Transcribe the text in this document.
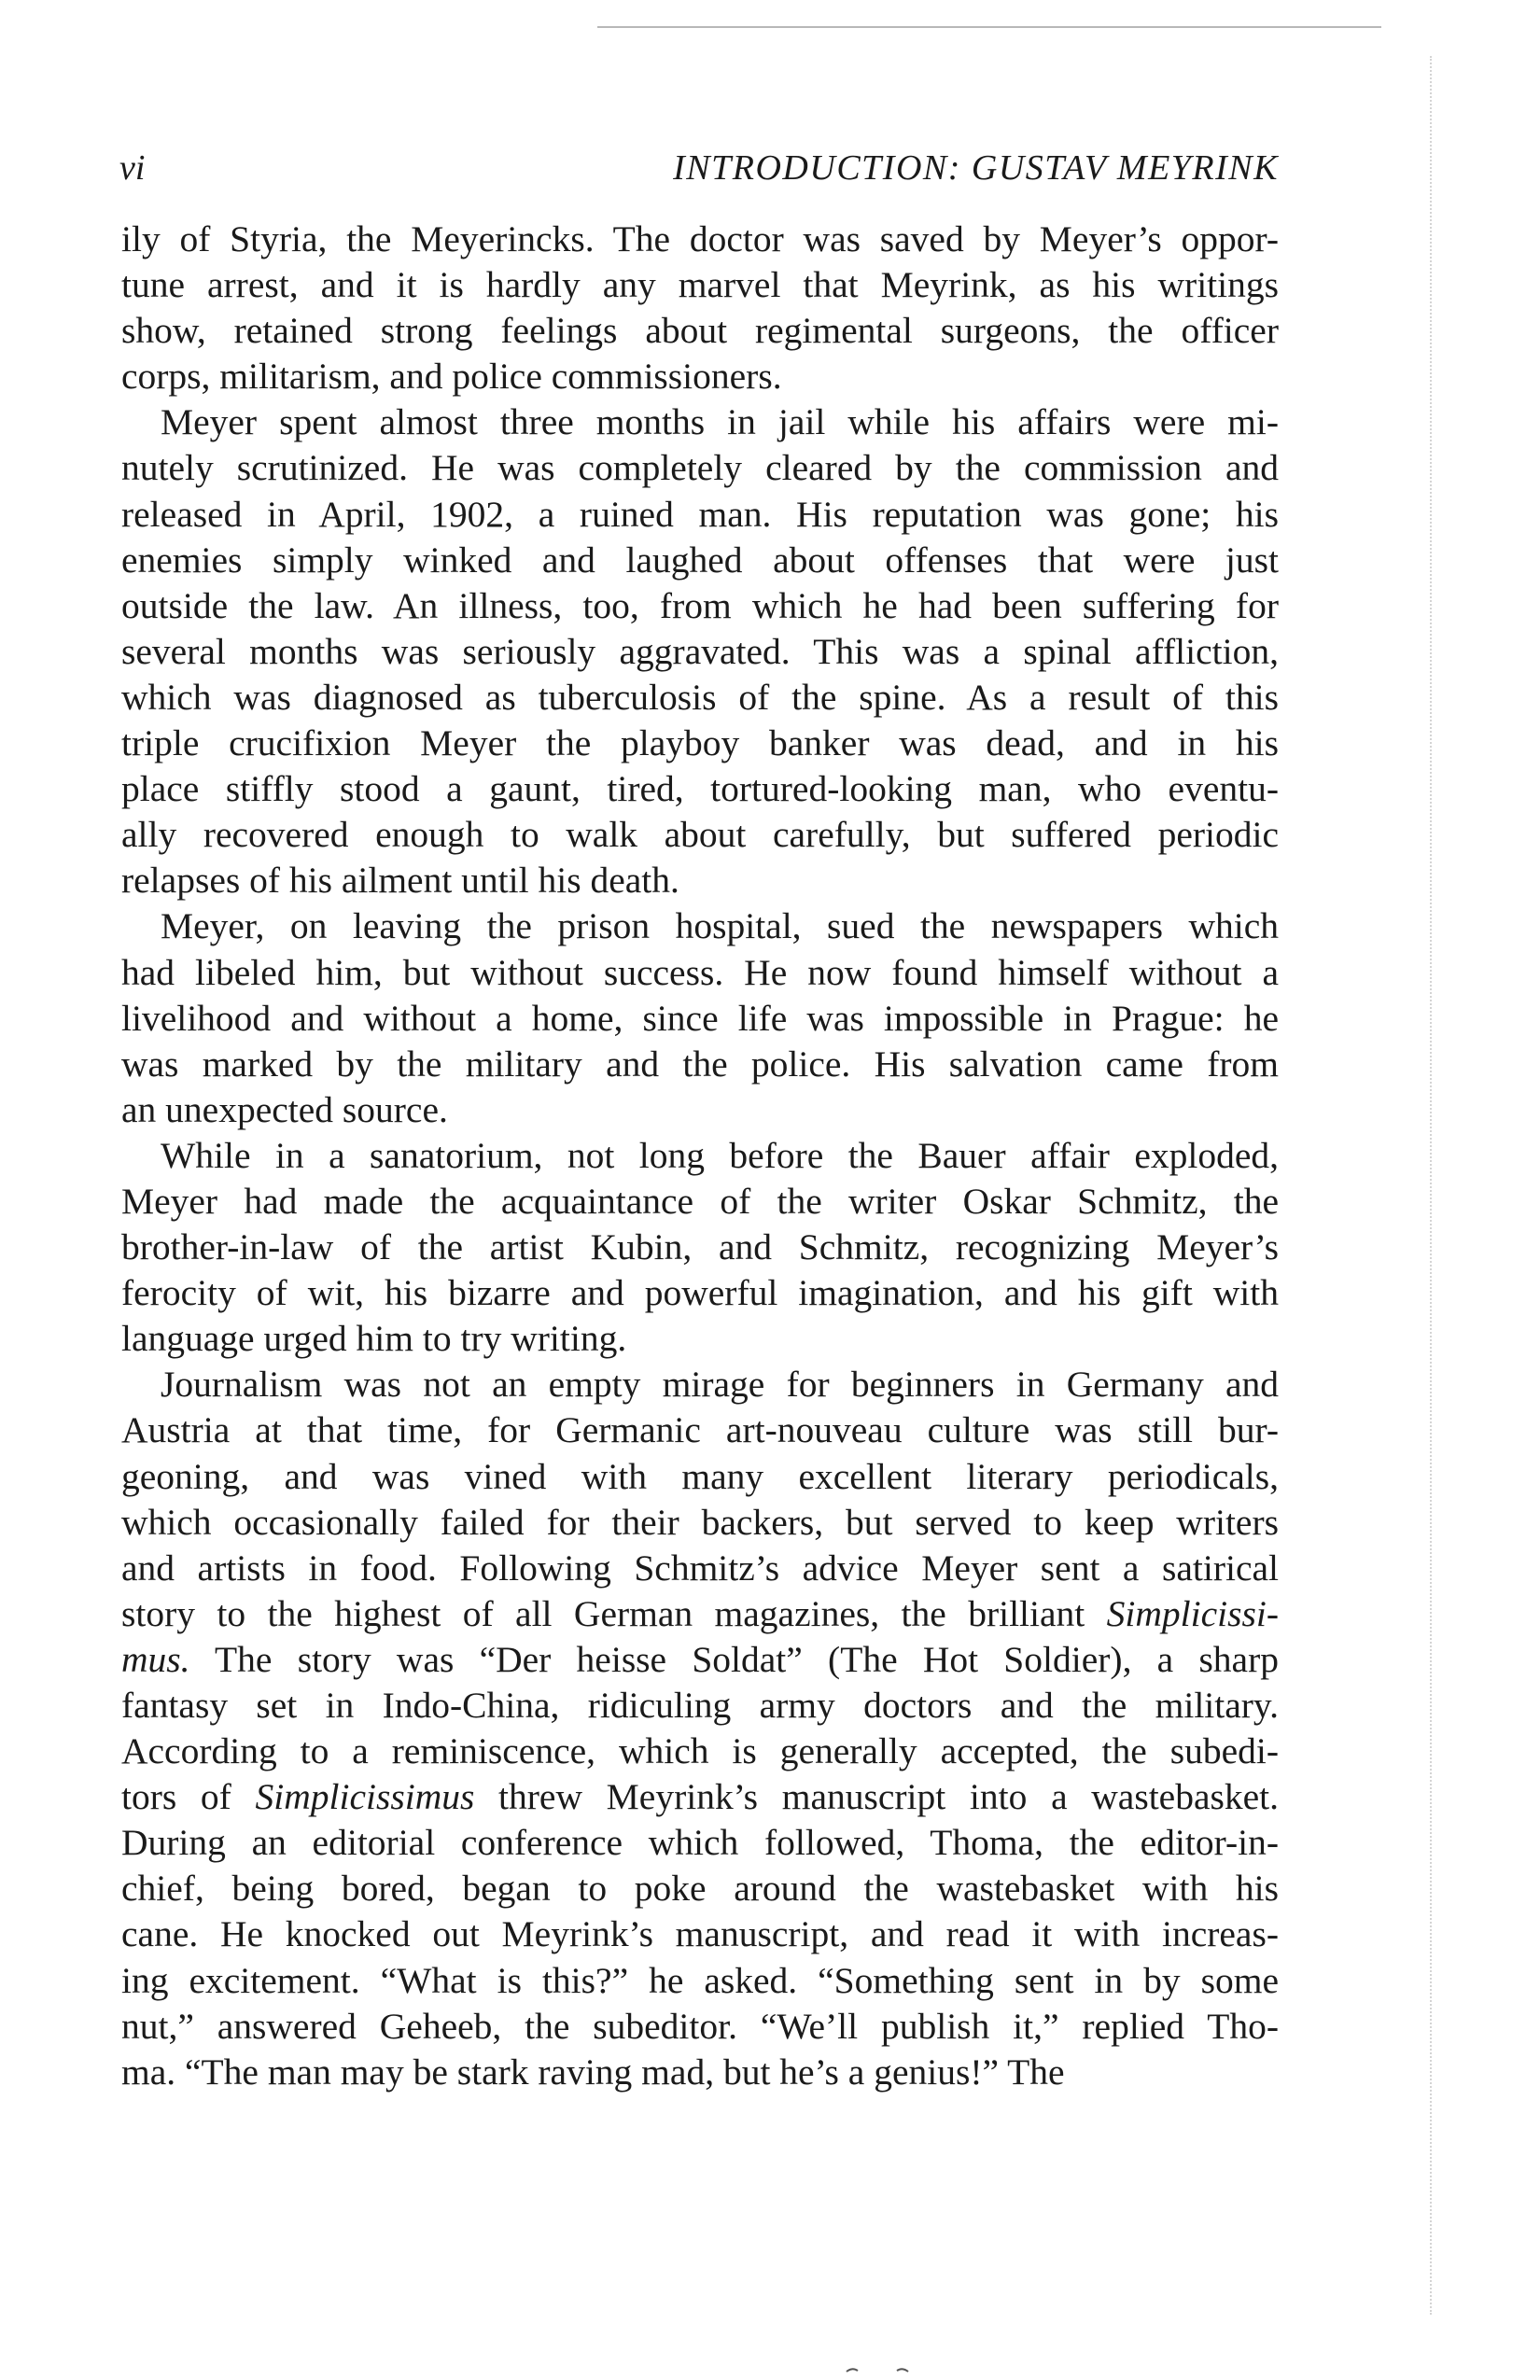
vi	INTRODUCTION: GUSTAV MEYRINK
ily of Styria, the Meyerincks. The doctor was saved by Meyer’s oppor-
tune arrest, and it is hardly any marvel that Meyrink, as his writings
show, retained strong feelings about regimental surgeons, the officer
corps, militarism, and police commissioners.
Meyer spent almost three months in jail while his affairs were mi-
nutely scrutinized. He was completely cleared by the commission and
released in April, 1902, a ruined man. His reputation was gone; his
enemies simply winked and laughed about offenses that were just
outside the law. An illness, too, from which he had been suffering for
several months was seriously aggravated. This was a spinal affliction,
which was diagnosed as tuberculosis of the spine. As a result of this
triple crucifixion Meyer the playboy banker was dead, and in his
place stiffly stood a gaunt, tired, tortured-looking man, who eventu-
ally recovered enough to walk about carefully, but suffered periodic
relapses of his ailment until his death.
Meyer, on leaving the prison hospital, sued the newspapers which
had libeled him, but without success. He now found himself without a
livelihood and without a home, since life was impossible in Prague: he
was marked by the military and the police. His salvation came from
an unexpected source.
While in a sanatorium, not long before the Bauer affair exploded,
Meyer had made the acquaintance of the writer Oskar Schmitz, the
brother-in-law of the artist Kubin, and Schmitz, recognizing Meyer’s
ferocity of wit, his bizarre and powerful imagination, and his gift with
language urged him to try writing.
Journalism was not an empty mirage for beginners in Germany and
Austria at that time, for Germanic art-nouveau culture was still bur-
geoning, and was vined with many excellent literary periodicals,
which occasionally failed for their backers, but served to keep writers
and artists in food. Following Schmitz’s advice Meyer sent a satirical
story to the highest of all German magazines, the brilliant Simplicissi-
mus. The story was “Der heisse Soldat” (The Hot Soldier), a sharp
fantasy set in Indo-China, ridiculing army doctors and the military.
According to a reminiscence, which is generally accepted, the subedi-
tors of Simplicissimus threw Meyrink’s manuscript into a wastebasket.
During an editorial conference which followed, Thoma, the editor-in-
chief, being bored, began to poke around the wastebasket with his
cane. He knocked out Meyrink’s manuscript, and read it with increas-
ing excitement. “What is this?” he asked. “Something sent in by some
nut,” answered Geheeb, the subeditor. “We’ll publish it,” replied Tho-
ma. “The man may be stark raving mad, but he’s a genius!” The
